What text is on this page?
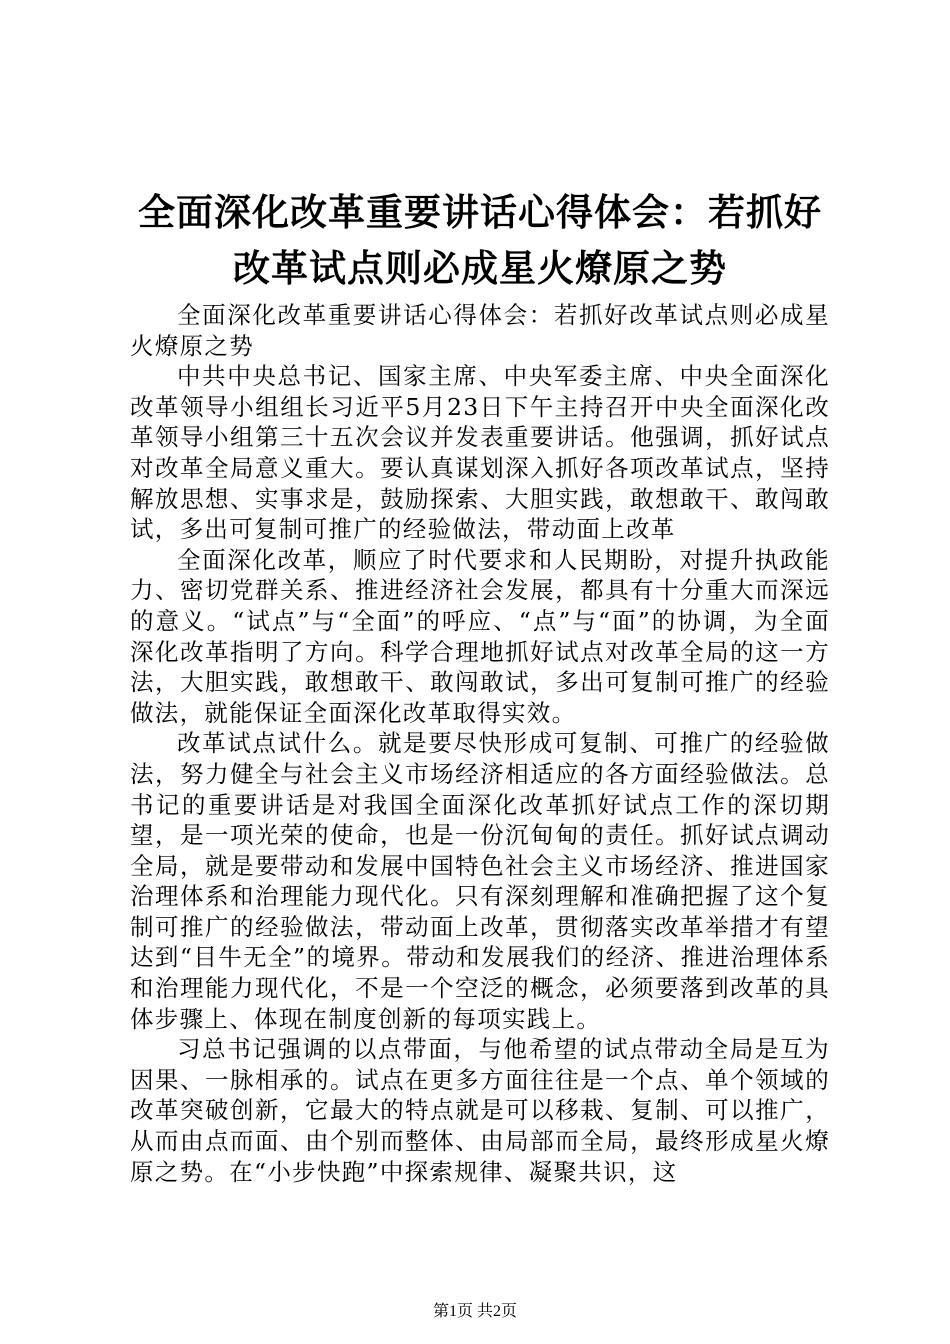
全面深化改革重要讲话心得体会：若抓好改革试点则必成星火燎原之势

全面深化改革重要讲话心得体会：若抓好改革试点则必成星火燎原之势

中共中央总书记、国家主席、中央军委主席、中央全面深化改革领导小组组长习近平5月23日下午主持召开中央全面深化改革领导小组第三十五次会议并发表重要讲话。他强调，抓好试点对改革全局意义重大。要认真谋划深入抓好各项改革试点，坚持解放思想、实事求是，鼓励探索、大胆实践，敢想敢干、敢闯敢试，多出可复制可推广的经验做法，带动面上改革

全面深化改革，顺应了时代要求和人民期盼，对提升执政能力、密切党群关系、推进经济社会发展，都具有十分重大而深远的意义。“试点”与“全面”的呼应、“点”与“面”的协调，为全面深化改革指明了方向。科学合理地抓好试点对改革全局的这一方法，大胆实践，敢想敢干、敢闯敢试，多出可复制可推广的经验做法，就能保证全面深化改革取得实效。

改革试点试什么。就是要尽快形成可复制、可推广的经验做法，努力健全与社会主义市场经济相适应的各方面经验做法。总书记的重要讲话是对我国全面深化改革抓好试点工作的深切期望，是一项光荣的使命，也是一份沉甸甸的责任。抓好试点调动全局，就是要带动和发展中国特色社会主义市场经济、推进国家治理体系和治理能力现代化。只有深刻理解和准确把握了这个复制可推广的经验做法，带动面上改革，贯彻落实改革举措才有望达到“目牛无全”的境界。带动和发展我们的经济、推进治理体系和治理能力现代化，不是一个空泛的概念，必须要落到改革的具体步骤上、体现在制度创新的每项实践上。

习总书记强调的以点带面，与他希望的试点带动全局是互为因果、一脉相承的。试点在更多方面往往是一个点、单个领域的改革突破创新，它最大的特点就是可以移栽、复制、可以推广，从而由点而面、由个别而整体、由局部而全局，最终形成星火燎原之势。在“小步快跑”中探索规律、凝聚共识，这

第1页 共2页
